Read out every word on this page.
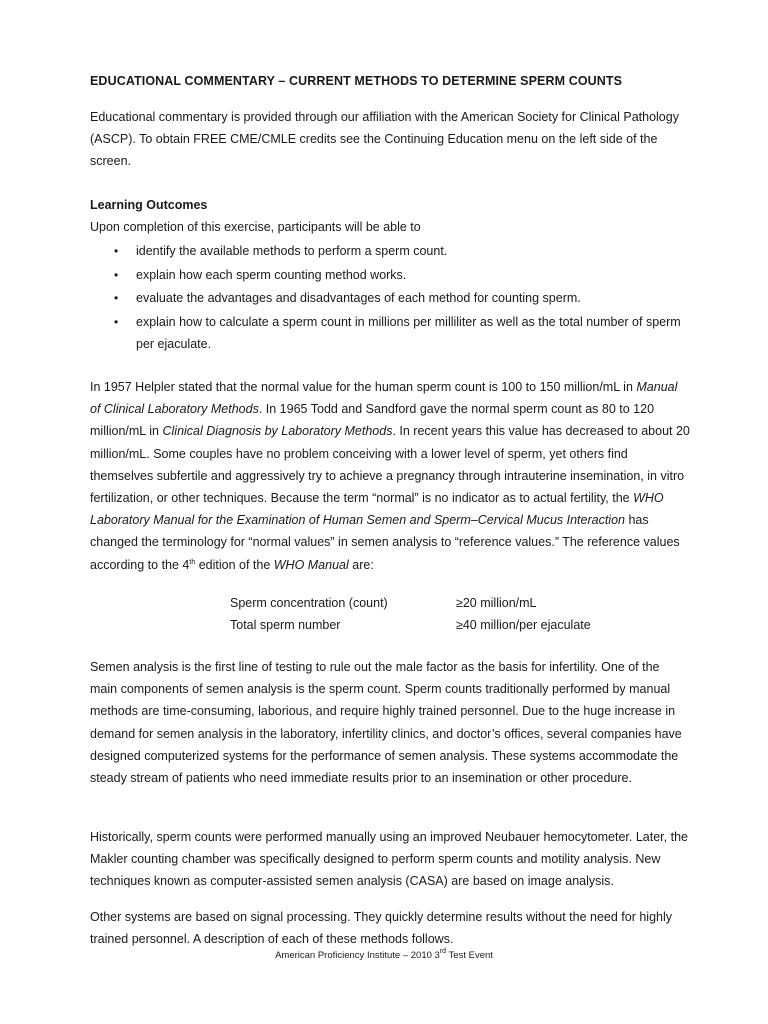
EDUCATIONAL COMMENTARY – CURRENT METHODS TO DETERMINE SPERM COUNTS

Educational commentary is provided through our affiliation with the American Society for Clinical Pathology (ASCP). To obtain FREE CME/CMLE credits see the Continuing Education menu on the left side of the screen.

Learning Outcomes
Upon completion of this exercise, participants will be able to
• identify the available methods to perform a sperm count.
• explain how each sperm counting method works.
• evaluate the advantages and disadvantages of each method for counting sperm.
• explain how to calculate a sperm count in millions per milliliter as well as the total number of sperm per ejaculate.

In 1957 Helpler stated that the normal value for the human sperm count is 100 to 150 million/mL in Manual of Clinical Laboratory Methods. In 1965 Todd and Sandford gave the normal sperm count as 80 to 120 million/mL in Clinical Diagnosis by Laboratory Methods. In recent years this value has decreased to about 20 million/mL. Some couples have no problem conceiving with a lower level of sperm, yet others find themselves subfertile and aggressively try to achieve a pregnancy through intrauterine insemination, in vitro fertilization, or other techniques. Because the term “normal” is no indicator as to actual fertility, the WHO Laboratory Manual for the Examination of Human Semen and Sperm–Cervical Mucus Interaction has changed the terminology for “normal values” in semen analysis to “reference values.” The reference values according to the 4th edition of the WHO Manual are:

Sperm concentration (count)	≥20 million/mL
Total sperm number	≥40 million/per ejaculate

Semen analysis is the first line of testing to rule out the male factor as the basis for infertility. One of the main components of semen analysis is the sperm count. Sperm counts traditionally performed by manual methods are time-consuming, laborious, and require highly trained personnel. Due to the huge increase in demand for semen analysis in the laboratory, infertility clinics, and doctor’s offices, several companies have designed computerized systems for the performance of semen analysis. These systems accommodate the steady stream of patients who need immediate results prior to an insemination or other procedure.

Historically, sperm counts were performed manually using an improved Neubauer hemocytometer. Later, the Makler counting chamber was specifically designed to perform sperm counts and motility analysis. New techniques known as computer-assisted semen analysis (CASA) are based on image analysis.

Other systems are based on signal processing. They quickly determine results without the need for highly trained personnel. A description of each of these methods follows.

American Proficiency Institute – 2010 3rd Test Event
